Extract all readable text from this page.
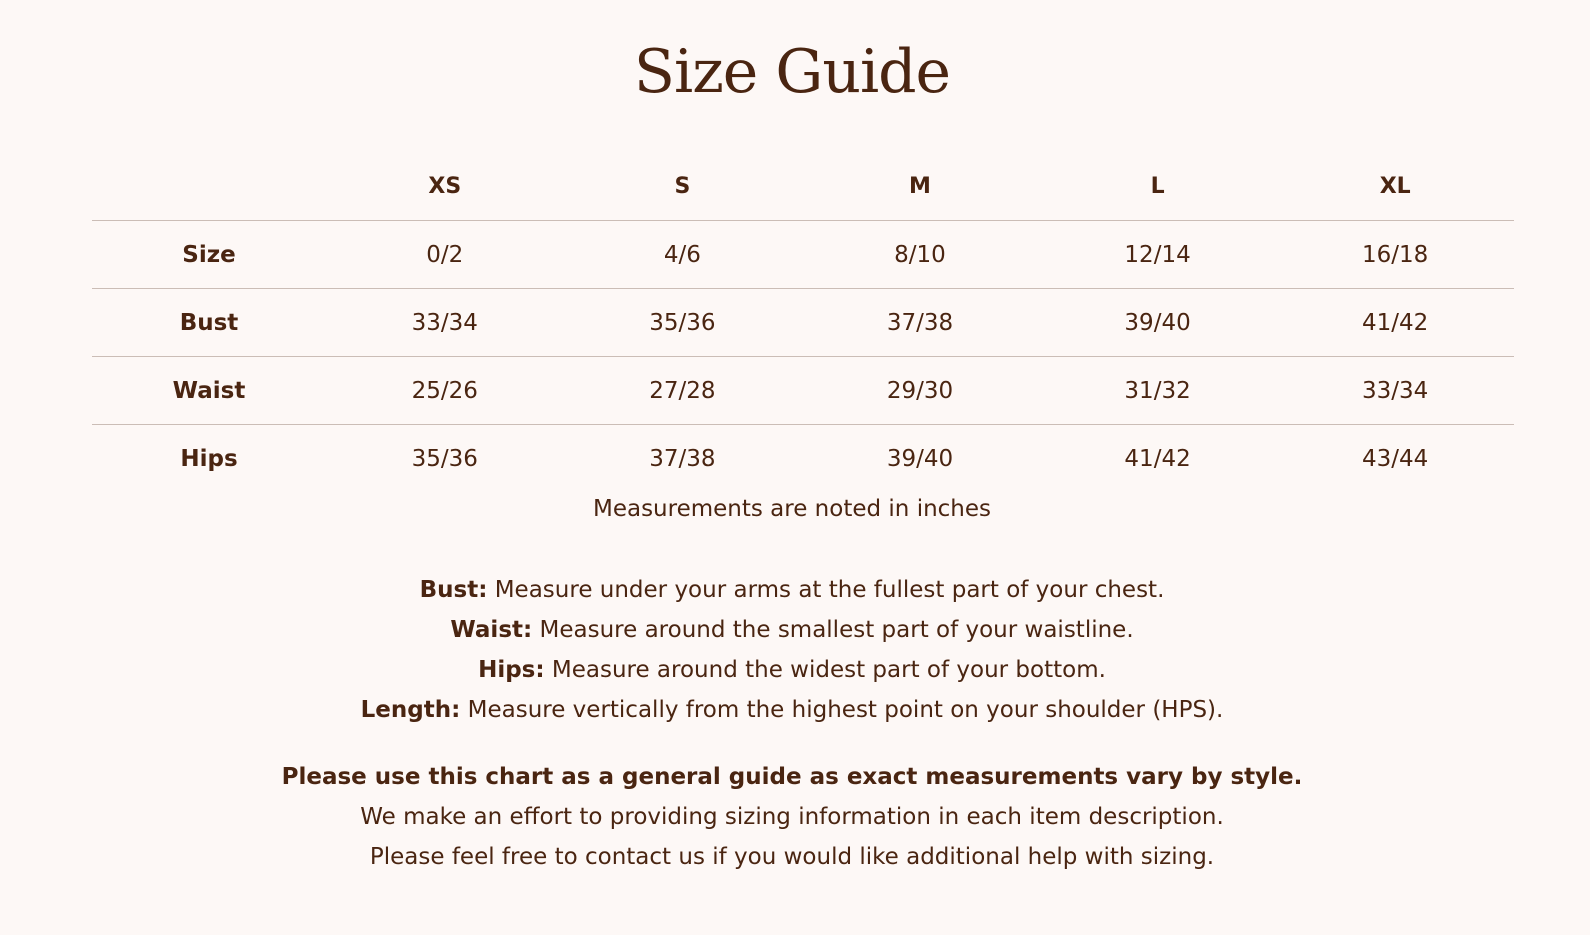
Size Guide
	XS	S	M	L	XL
Size	0/2	4/6	8/10	12/14	16/18
Bust	33/34	35/36	37/38	39/40	41/42
Waist	25/26	27/28	29/30	31/32	33/34
Hips	35/36	37/38	39/40	41/42	43/44
Measurements are noted in inches

Bust: Measure under your arms at the fullest part of your chest.

Waist: Measure around the smallest part of your waistline.

Hips: Measure around the widest part of your bottom.

Length: Measure vertically from the highest point on your shoulder (HPS).

Please use this chart as a general guide as exact measurements vary by style.

We make an effort to providing sizing information in each item description.

Please feel free to contact us if you would like additional help with sizing.
